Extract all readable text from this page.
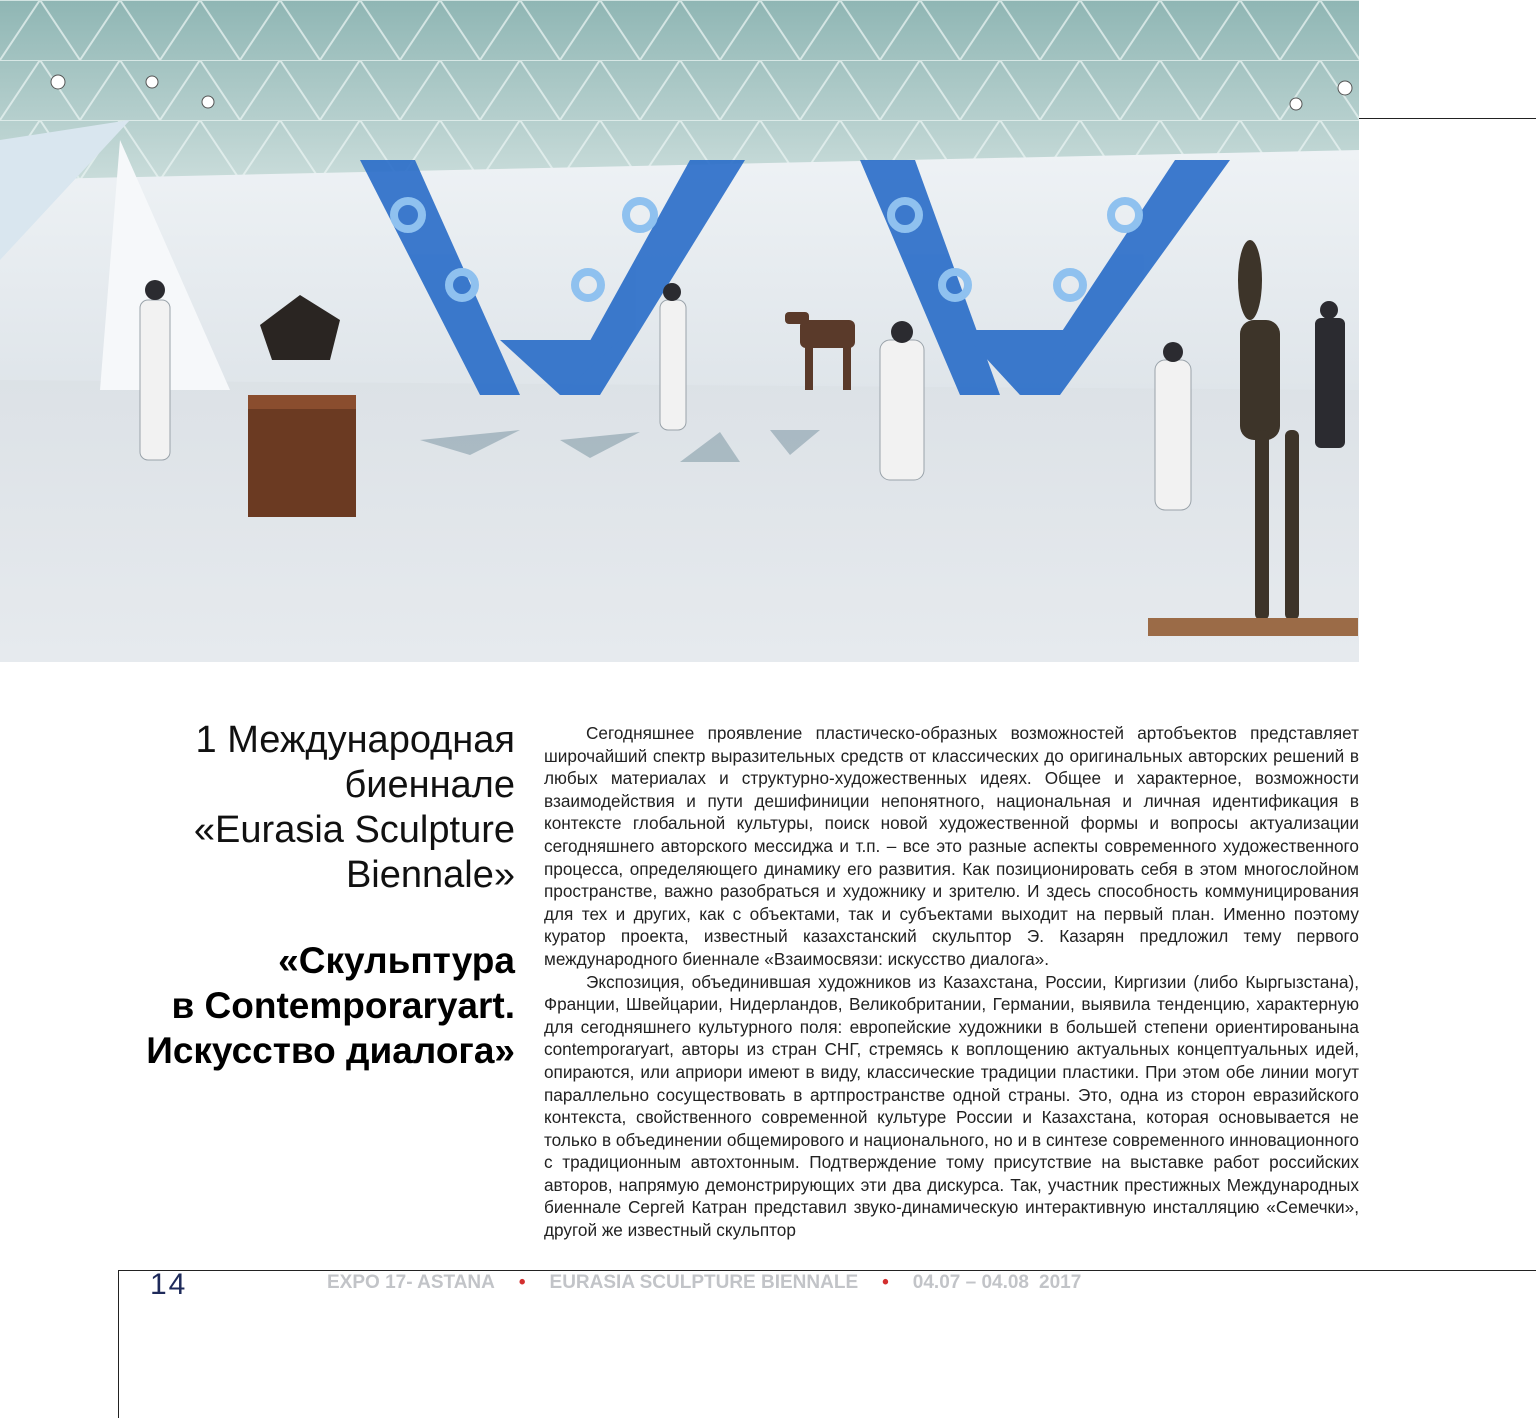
1 Международная
биеннале
«Eurasia Sculpture
Biennale»
«Скульптура
в Contemporaryart.
Искусство диалога»

Сегодняшнее проявление пластическо-образных возможностей артобъектов представляет широчайший спектр выразительных средств от классических до оригинальных авторских решений в любых материалах и структурно-художественных идеях. Общее и характерное, возможности взаимодействия и пути дешифиниции непонятного, национальная и личная идентификация в контексте глобальной культуры, поиск новой художественной формы и вопросы актуализации сегодняшнего авторского мессиджа и т.п. – все это разные аспекты современного художественного процесса, определяющего динамику его развития. Как позиционировать себя в этом многослойном пространстве, важно разобраться и художнику и зрителю. И здесь способность коммуницирования для тех и других, как с объектами, так и субъектами выходит на первый план. Именно поэтому куратор проекта, известный казахстанский скульптор Э. Казарян предложил тему первого международного биеннале «Взаимосвязи: искусство диалога».

Экспозиция, объединившая художников из Казахстана, России, Киргизии (либо Кыргызстана), Франции, Швейцарии, Нидерландов, Великобритании, Германии, выявила тенденцию, характерную для сегодняшнего культурного поля: европейские художники в большей степени ориентированына contemporaryart, авторы из стран СНГ, стремясь к воплощению актуальных концептуальных идей, опираются, или априори имеют в виду, классические традиции пластики. При этом обе линии могут параллельно сосуществовать в артпространстве одной страны. Это, одна из сторон евразийского контекста, свойственного современной культуре России и Казахстана, которая основывается не только в объединении общемирового и национального, но и в синтезе современного инновационного с традиционным автохтонным. Подтверждение тому присутствие на выставке работ российских авторов, напрямую демонстрирующих эти два дискурса. Так, участник престижных Международных биеннале Сергей Катран представил звуко-динамическую интерактивную инсталляцию «Семечки», другой же известный скульптор

14	EXPO 17- ASTANA • EURASIA SCULPTURE BIENNALE • 04.07 – 04.08 2017
